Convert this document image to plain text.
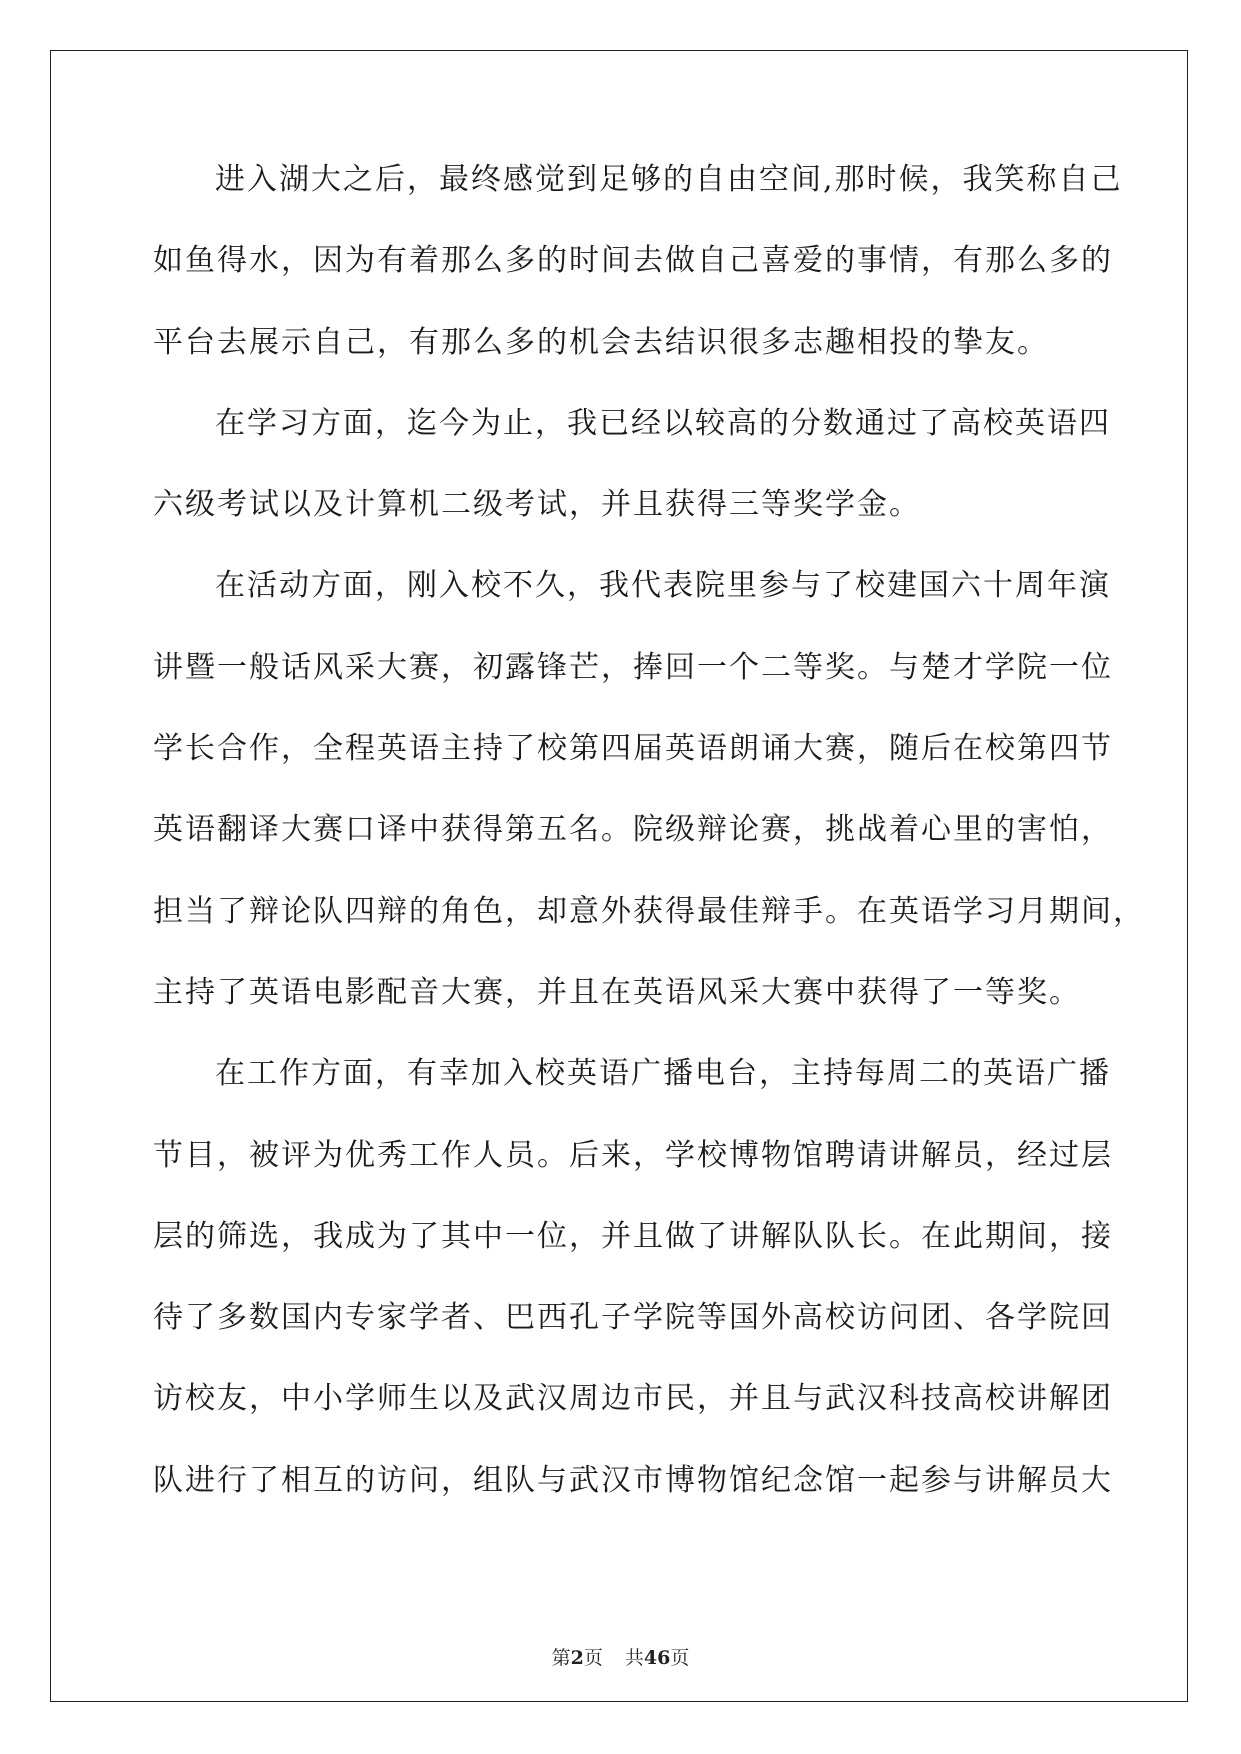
进入湖大之后，最终感觉到足够的自由空间,那时候，我笑称自己
如鱼得水，因为有着那么多的时间去做自己喜爱的事情，有那么多的
平台去展示自己，有那么多的机会去结识很多志趣相投的挚友。
在学习方面，迄今为止，我已经以较高的分数通过了高校英语四
六级考试以及计算机二级考试，并且获得三等奖学金。
在活动方面，刚入校不久，我代表院里参与了校建国六十周年演
讲暨一般话风采大赛，初露锋芒，捧回一个二等奖。与楚才学院一位
学长合作，全程英语主持了校第四届英语朗诵大赛，随后在校第四节
英语翻译大赛口译中获得第五名。院级辩论赛，挑战着心里的害怕，
担当了辩论队四辩的角色，却意外获得最佳辩手。在英语学习月期间，
主持了英语电影配音大赛，并且在英语风采大赛中获得了一等奖。
在工作方面，有幸加入校英语广播电台，主持每周二的英语广播
节目，被评为优秀工作人员。后来，学校博物馆聘请讲解员，经过层
层的筛选，我成为了其中一位，并且做了讲解队队长。在此期间，接
待了多数国内专家学者、巴西孔子学院等国外高校访问团、各学院回
访校友，中小学师生以及武汉周边市民，并且与武汉科技高校讲解团
队进行了相互的访问，组队与武汉市博物馆纪念馆一起参与讲解员大
第2页 共46页
